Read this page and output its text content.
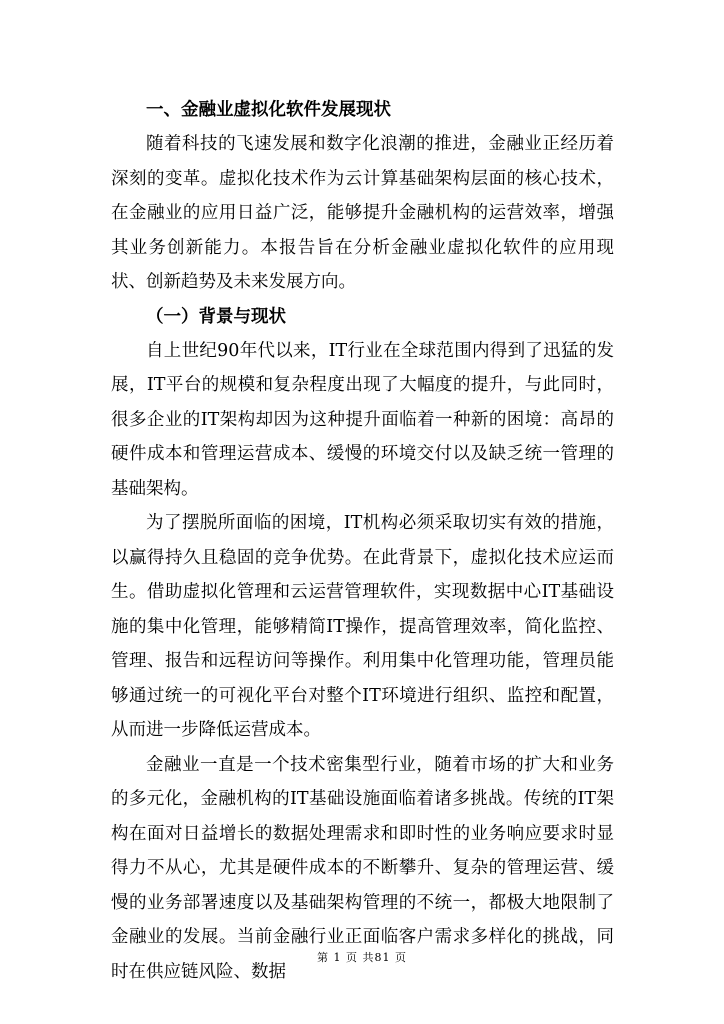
一、金融业虚拟化软件发展现状

随着科技的飞速发展和数字化浪潮的推进，金融业正经历着深刻的变革。虚拟化技术作为云计算基础架构层面的核心技术，在金融业的应用日益广泛，能够提升金融机构的运营效率，增强其业务创新能力。本报告旨在分析金融业虚拟化软件的应用现状、创新趋势及未来发展方向。

（一）背景与现状

自上世纪90年代以来，IT行业在全球范围内得到了迅猛的发展，IT平台的规模和复杂程度出现了大幅度的提升，与此同时，很多企业的IT架构却因为这种提升面临着一种新的困境：高昂的硬件成本和管理运营成本、缓慢的环境交付以及缺乏统一管理的基础架构。

为了摆脱所面临的困境，IT机构必须采取切实有效的措施，以赢得持久且稳固的竞争优势。在此背景下，虚拟化技术应运而生。借助虚拟化管理和云运营管理软件，实现数据中心IT基础设施的集中化管理，能够精简IT操作，提高管理效率，简化监控、管理、报告和远程访问等操作。利用集中化管理功能，管理员能够通过统一的可视化平台对整个IT环境进行组织、监控和配置，从而进一步降低运营成本。

金融业一直是一个技术密集型行业，随着市场的扩大和业务的多元化，金融机构的IT基础设施面临着诸多挑战。传统的IT架构在面对日益增长的数据处理需求和即时性的业务响应要求时显得力不从心，尤其是硬件成本的不断攀升、复杂的管理运营、缓慢的业务部署速度以及基础架构管理的不统一，都极大地限制了金融业的发展。当前金融行业正面临客户需求多样化的挑战，同时在供应链风险、数据

第 1 页 共81 页
